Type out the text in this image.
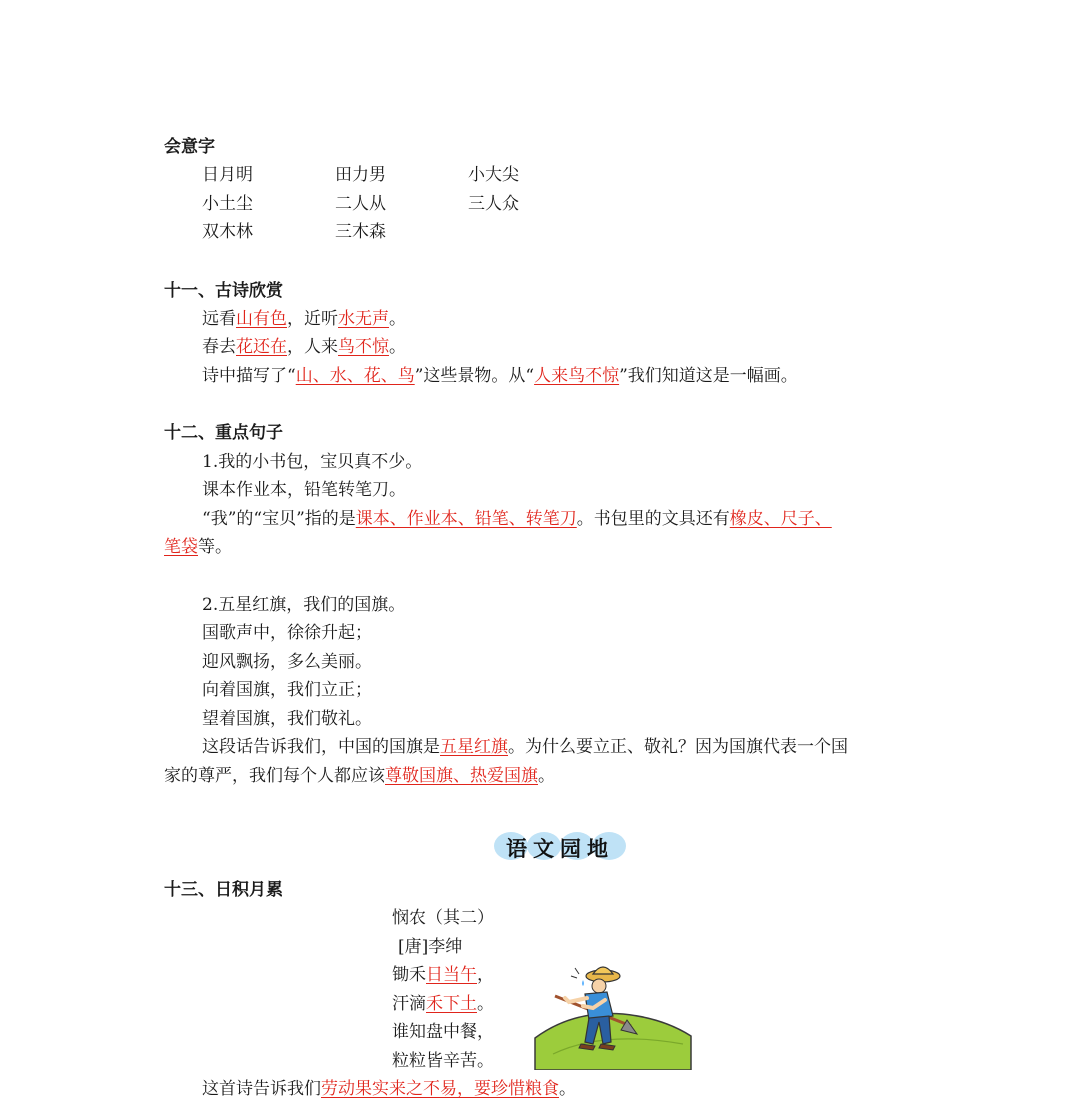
会意字
日月明	田力男	小大尖
小土尘	二人从	三人众
双木林	三木森
十一、古诗欣赏
远看山有色，近听水无声。
春去花还在，人来鸟不惊。
诗中描写了“山、水、花、鸟”这些景物。从“人来鸟不惊”我们知道这是一幅画。
十二、重点句子
1.我的小书包，宝贝真不少。
课本作业本，铅笔转笔刀。
“我”的“宝贝”指的是课本、作业本、铅笔、转笔刀。书包里的文具还有橡皮、尺子、
笔袋等。
2.五星红旗，我们的国旗。
国歌声中，徐徐升起；
迎风飘扬，多么美丽。
向着国旗，我们立正；
望着国旗，我们敬礼。
这段话告诉我们，中国的国旗是五星红旗。为什么要立正、敬礼？因为国旗代表一个国
家的尊严，我们每个人都应该尊敬国旗、热爱国旗。
语文园地
十三、日积月累
悯农（其二）
[唐]李绅
锄禾日当午，
汗滴禾下土。
谁知盘中餐，
粒粒皆辛苦。
这首诗告诉我们劳动果实来之不易，要珍惜粮食。
